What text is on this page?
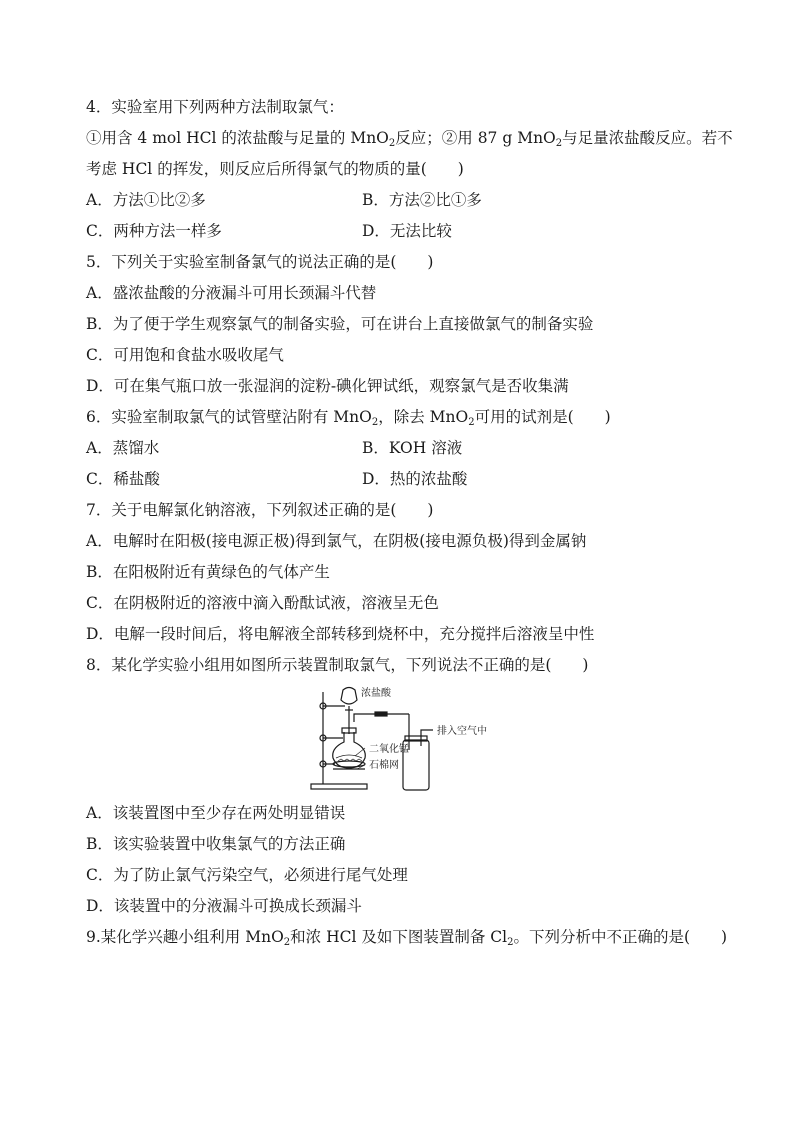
4．实验室用下列两种方法制取氯气：
①用含 4 mol HCl 的浓盐酸与足量的 MnO$_2$反应；②用 87 g MnO$_2$与足量浓盐酸反应。若不
考虑 HCl 的挥发，则反应后所得氯气的物质的量(　　)
A．方法①比②多	B．方法②比①多
C．两种方法一样多	D．无法比较
5．下列关于实验室制备氯气的说法正确的是(　　)
A．盛浓盐酸的分液漏斗可用长颈漏斗代替
B．为了便于学生观察氯气的制备实验，可在讲台上直接做氯气的制备实验
C．可用饱和食盐水吸收尾气
D．可在集气瓶口放一张湿润的淀粉-碘化钾试纸，观察氯气是否收集满
6．实验室制取氯气的试管壁沾附有 MnO$_2$，除去 MnO$_2$可用的试剂是(　　)
A．蒸馏水	B．KOH 溶液
C．稀盐酸	D．热的浓盐酸
7．关于电解氯化钠溶液，下列叙述正确的是(　　)
A．电解时在阳极(接电源正极)得到氯气，在阴极(接电源负极)得到金属钠
B．在阳极附近有黄绿色的气体产生
C．在阴极附近的溶液中滴入酚酞试液，溶液呈无色
D．电解一段时间后，将电解液全部转移到烧杯中，充分搅拌后溶液呈中性
8．某化学实验小组用如图所示装置制取氯气，下列说法不正确的是(　　)
浓盐酸
二氧化锰
石棉网
排入空气中
A．该装置图中至少存在两处明显错误
B．该实验装置中收集氯气的方法正确
C．为了防止氯气污染空气，必须进行尾气处理
D．该装置中的分液漏斗可换成长颈漏斗
9.某化学兴趣小组利用 MnO$_2$和浓 HCl 及如下图装置制备 $Cl_2$。下列分析中不正确的是(　　)
